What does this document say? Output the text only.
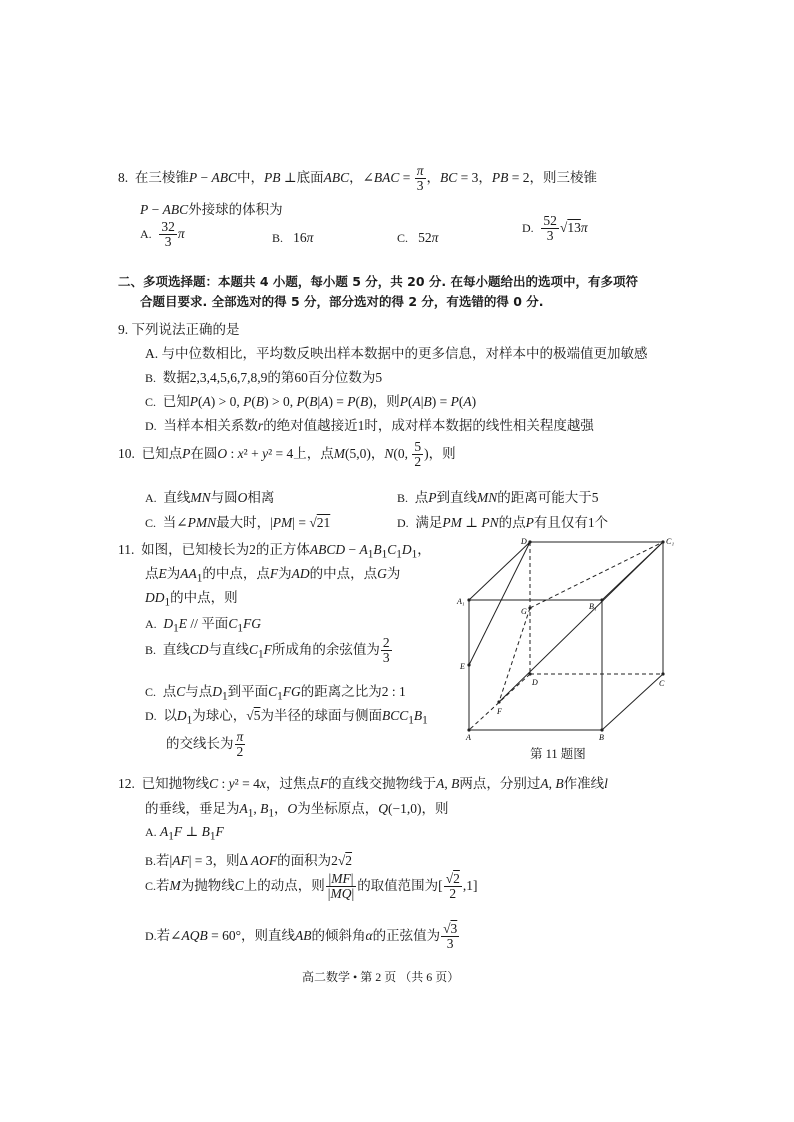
8.  在三棱锥P − ABC中，PB ⊥底面ABC，∠BAC = $\frac{\pi}{3}$ ，BC = 3，PB = 2，则三棱锥
P − ABC外接球的体积为
A. $\frac{32}{3}$ π	B.   16π	C.   52π
D. $\frac{52}{3} √13\pi$
二、多项选择题：本题共 4 小题，每小题 5 分，共 20 分. 在每小题给出的选项中，有多项符
合题目要求. 全部选对的得 5 分，部分选对的得 2 分，有选错的得 0 分.
9. 下列说法正确的是
A. 与中位数相比，平均数反映出样本数据中的更多信息，对样本中的极端值更加敏感
B.  数据2,3,4,5,6,7,8,9的第60百分位数为5
C.  已知P(A) > 0, P(B) > 0, P(B|A) = P(B)，则P(A|B) = P(A)
D.  当样本相关系数r的绝对值越接近1时，成对样本数据的线性相关程度越强
10.  已知点P在圆O : x² + y² = 4上，点M(5,0)，N(0, $\frac{5}{2}$ )，则
A.  直线MN与圆O相离	B.  点P到直线MN的距离可能大于5
C.  当∠PMN最大时，|PM| = √21	D.  满足PM ⊥ PN的点P有且仅有1个
11.  如图，已知棱长为2的正方体ABCD − $A_1B_1C_1D_1$，
点E为$AA_1$的中点，点F为AD的中点，点G为
$DD_1$的中点，则
A. $D_1E$ // 平面$C_1FG$
B.  直线CD与直线$C_1F$所成角的余弦值为 $\frac{2}{3}$
C.  点C与点$D_1$到平面$C_1FG$的距离之比为2 : 1
D.  以$D_1$为球心，√5为半径的球面与侧面$BCC_1B_1$
的交线长为 $\frac{\pi}{2}$
D₁	C₁
A₁
B₁
G
E
D	C
F
A	B
第 11 题图
12.  已知抛物线C : y² = 4x，过焦点F的直线交抛物线于A, B两点，分别过A, B作准线l
的垂线，垂足为$A_1$, $B_1$，O为坐标原点，Q(−1,0)，则
A. $A_1F$ ⊥ $B_1F$
B.若|AF| = 3，则Δ AOF的面积为2√2
C.若M为抛物线C上的动点，则 $\frac{|MF|}{|MQ|}$ 的取值范围为[ $\frac{√2}{2} ,1$]
D.若∠AQB = 60°，则直线AB的倾斜角α的正弦值为 $\frac{√3}{3}$
高二数学 • 第 2 页 （共 6 页）
